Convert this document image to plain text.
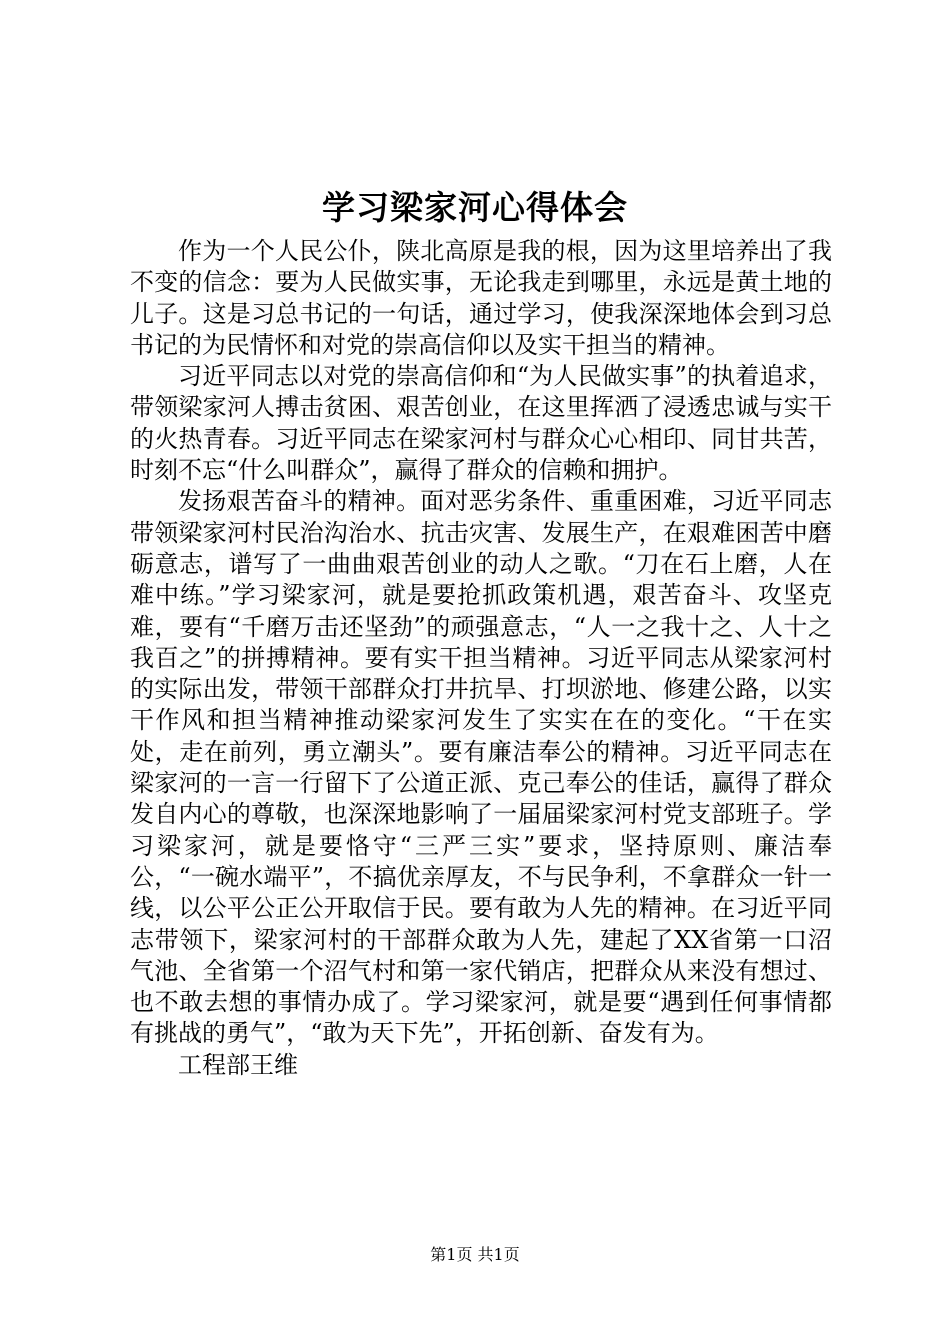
学习梁家河心得体会

作为一个人民公仆，陕北高原是我的根，因为这里培养出了我不变的信念：要为人民做实事，无论我走到哪里，永远是黄土地的儿子。这是习总书记的一句话，通过学习，使我深深地体会到习总书记的为民情怀和对党的崇高信仰以及实干担当的精神。

习近平同志以对党的崇高信仰和“为人民做实事”的执着追求，带领梁家河人搏击贫困、艰苦创业，在这里挥洒了浸透忠诚与实干的火热青春。习近平同志在梁家河村与群众心心相印、同甘共苦，时刻不忘“什么叫群众”，赢得了群众的信赖和拥护。

发扬艰苦奋斗的精神。面对恶劣条件、重重困难，习近平同志带领梁家河村民治沟治水、抗击灾害、发展生产，在艰难困苦中磨砺意志，谱写了一曲曲艰苦创业的动人之歌。“刀在石上磨，人在难中练。”学习梁家河，就是要抢抓政策机遇，艰苦奋斗、攻坚克难，要有“千磨万击还坚劲”的顽强意志，“人一之我十之、人十之我百之”的拼搏精神。要有实干担当精神。习近平同志从梁家河村的实际出发，带领干部群众打井抗旱、打坝淤地、修建公路，以实干作风和担当精神推动梁家河发生了实实在在的变化。“干在实处，走在前列，勇立潮头”。要有廉洁奉公的精神。习近平同志在梁家河的一言一行留下了公道正派、克己奉公的佳话，赢得了群众发自内心的尊敬，也深深地影响了一届届梁家河村党支部班子。学习梁家河，就是要恪守“三严三实”要求，坚持原则、廉洁奉公，“一碗水端平”，不搞优亲厚友，不与民争利，不拿群众一针一线，以公平公正公开取信于民。要有敢为人先的精神。在习近平同志带领下，梁家河村的干部群众敢为人先，建起了XX省第一口沼气池、全省第一个沼气村和第一家代销店，把群众从来没有想过、也不敢去想的事情办成了。学习梁家河，就是要“遇到任何事情都有挑战的勇气”，“敢为天下先”，开拓创新、奋发有为。

工程部王维

第1页 共1页
